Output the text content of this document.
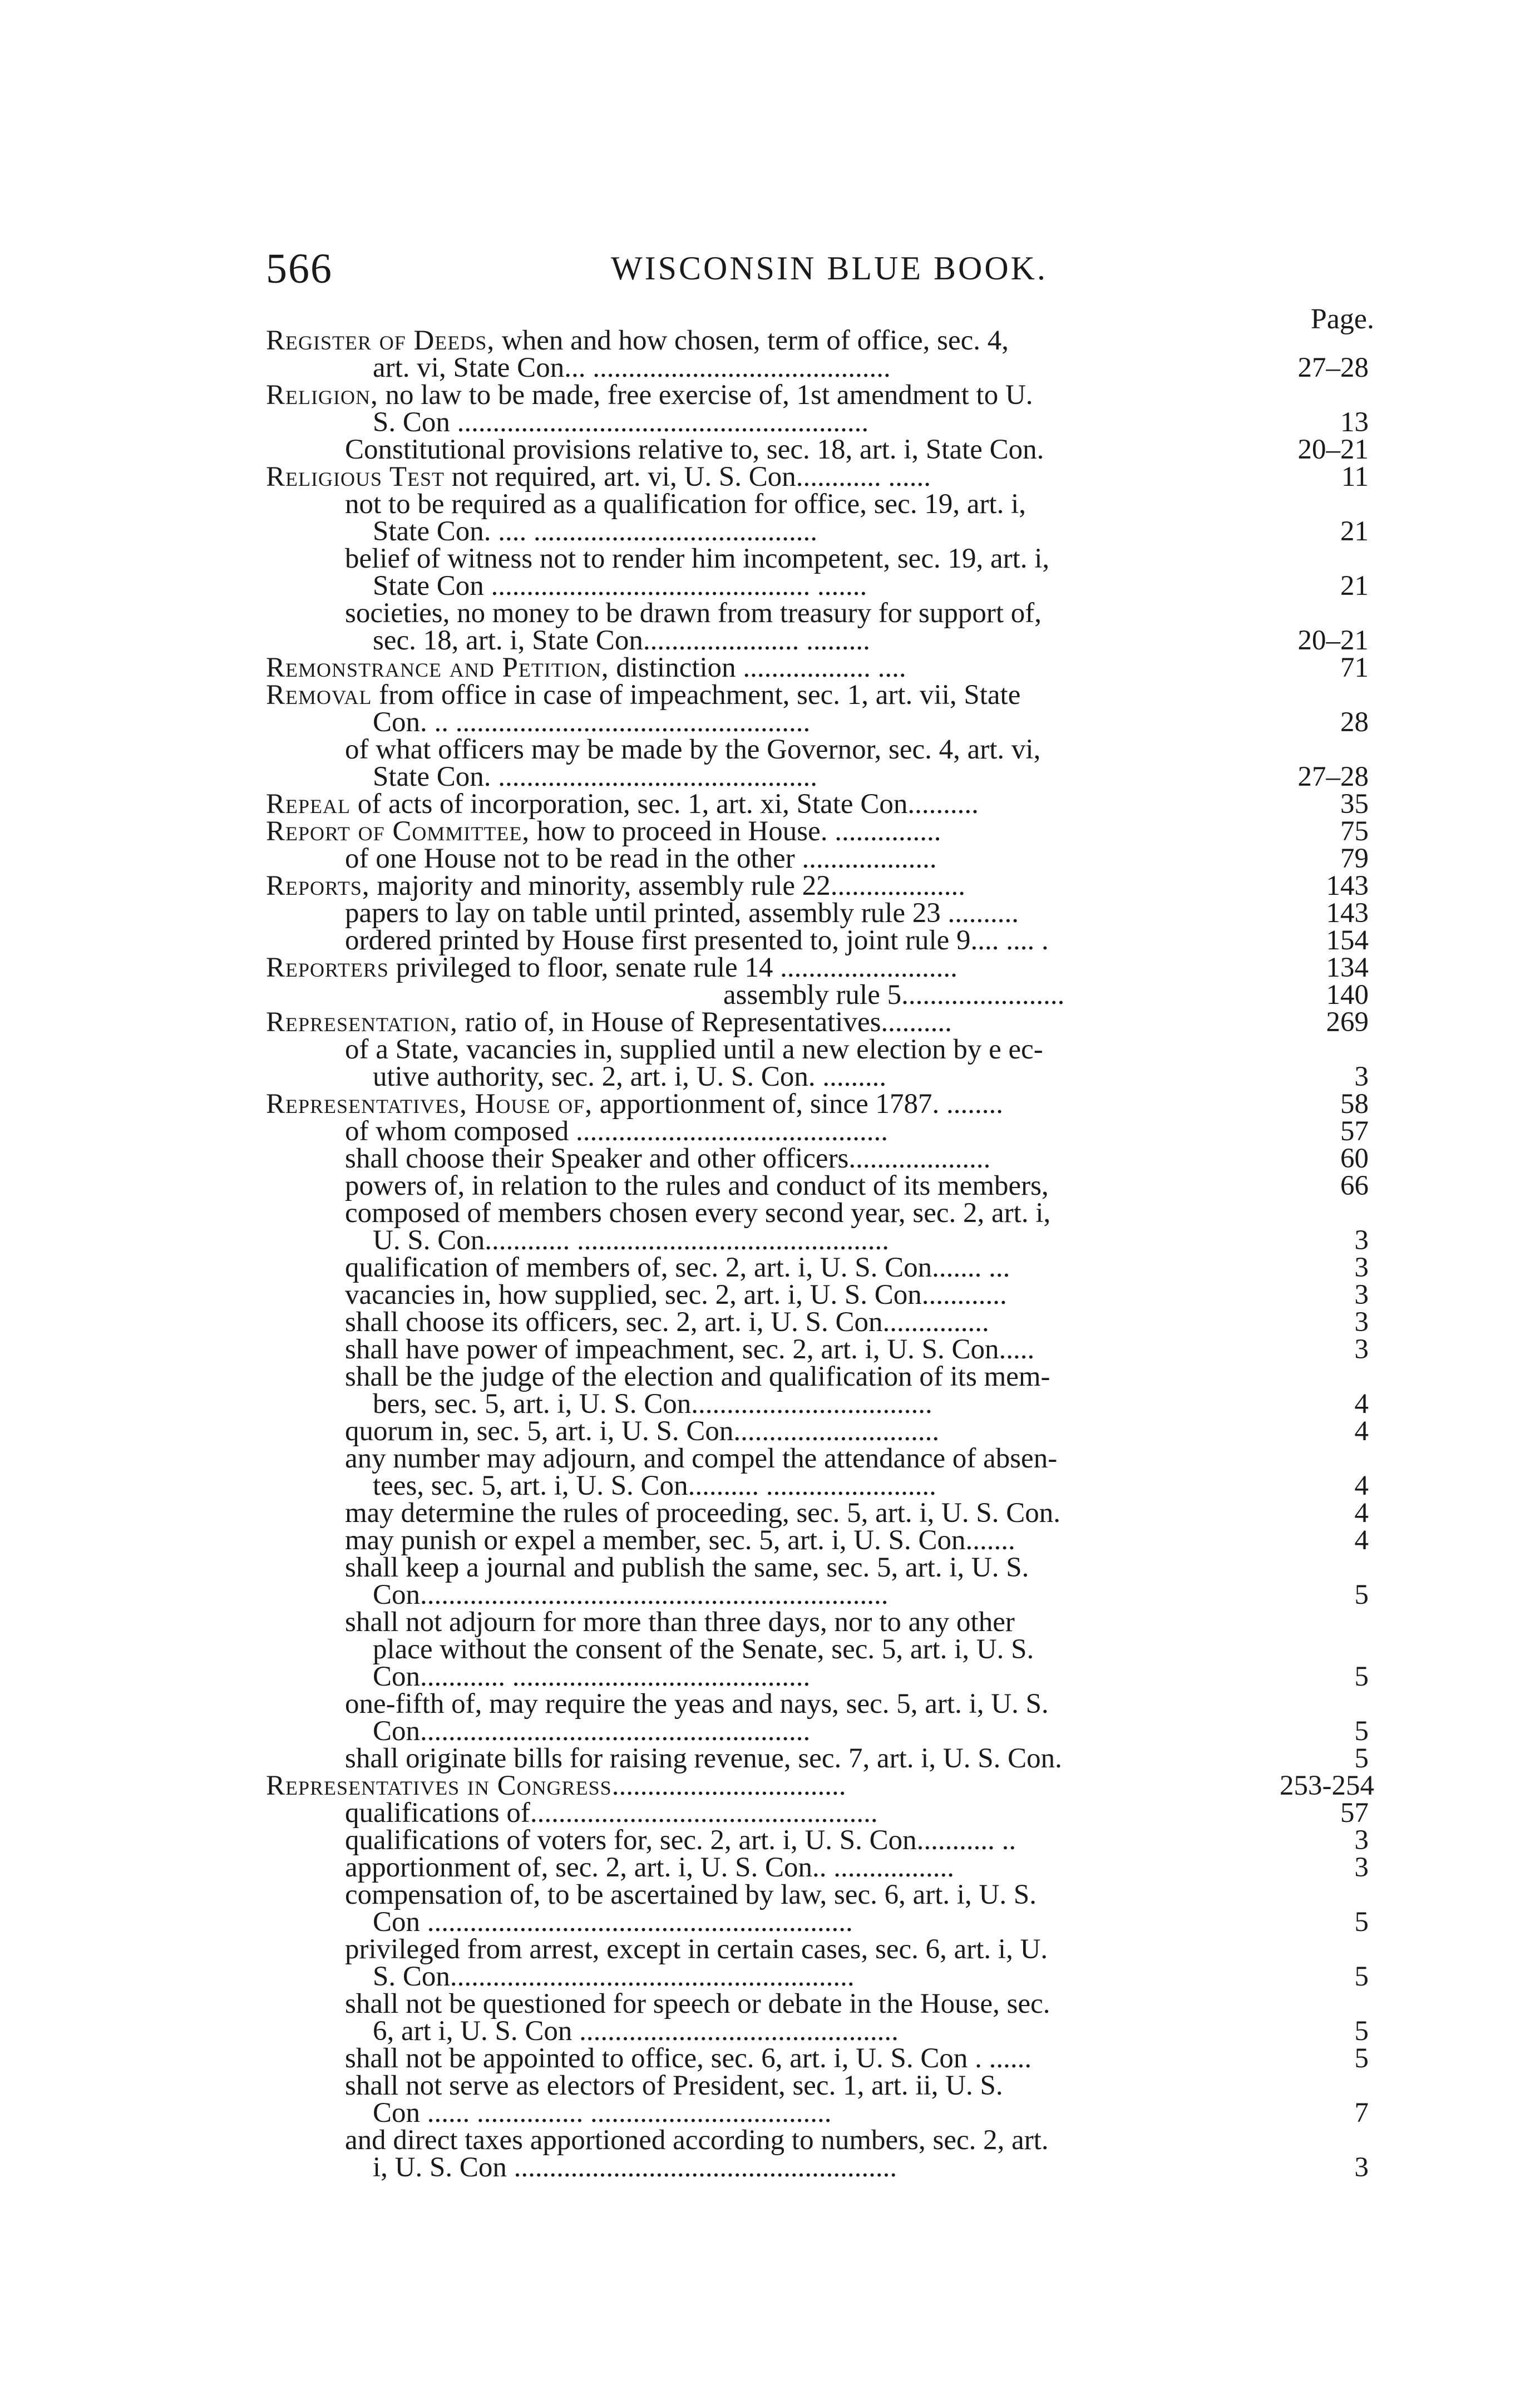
566	WISCONSIN BLUE BOOK.
Page.
Register of Deeds, when and how chosen, term of office, sec. 4,
art. vi, State Con... ..........................................	27–28
Religion, no law to be made, free exercise of, 1st amendment to U.
S. Con ..........................................................	13
Constitutional provisions relative to, sec. 18, art. i, State Con.	20–21
Religious Test not required, art. vi, U. S. Con............ ......	11
not to be required as a qualification for office, sec. 19, art. i,
State Con. .... ........................................	21
belief of witness not to render him incompetent, sec. 19, art. i,
State Con ............................................. .......	21
societies, no money to be drawn from treasury for support of,
sec. 18, art. i, State Con...................... .........	20–21
Remonstrance and Petition, distinction .................. ....	71
Removal from office in case of impeachment, sec. 1, art. vii, State
Con. .. ..................................................	28
of what officers may be made by the Governor, sec. 4, art. vi,
State Con. .............................................	27–28
Repeal of acts of incorporation, sec. 1, art. xi, State Con..........	35
Report of Committee, how to proceed in House. ...............	75
of one House not to be read in the other ...................	79
Reports, majority and minority, assembly rule 22...................	143
papers to lay on table until printed, assembly rule 23 ..........	143
ordered printed by House first presented to, joint rule 9.... .... .	154
Reporters privileged to floor, senate rule 14 .........................	134
assembly rule 5.......................	140
Representation, ratio of, in House of Representatives..........	269
of a State, vacancies in, supplied until a new election by e ec-
utive authority, sec. 2, art. i, U. S. Con. .........	3
Representatives, House of, apportionment of, since 1787. ........	58
of whom composed ............................................	57
shall choose their Speaker and other officers....................	60
powers of, in relation to the rules and conduct of its members,	66
composed of members chosen every second year, sec. 2, art. i,
U. S. Con............ ............................................	3
qualification of members of, sec. 2, art. i, U. S. Con....... ...	3
vacancies in, how supplied, sec. 2, art. i, U. S. Con............	3
shall choose its officers, sec. 2, art. i, U. S. Con...............	3
shall have power of impeachment, sec. 2, art. i, U. S. Con.....	3
shall be the judge of the election and qualification of its mem-
bers, sec. 5, art. i, U. S. Con..................................	4
quorum in, sec. 5, art. i, U. S. Con.............................	4
any number may adjourn, and compel the attendance of absen-
tees, sec. 5, art. i, U. S. Con.......... ........................	4
may determine the rules of proceeding, sec. 5, art. i, U. S. Con.	4
may punish or expel a member, sec. 5, art. i, U. S. Con.......	4
shall keep a journal and publish the same, sec. 5, art. i, U. S.
Con..................................................................	5
shall not adjourn for more than three days, nor to any other
place without the consent of the Senate, sec. 5, art. i, U. S.
Con............ ..........................................	5
one-fifth of, may require the yeas and nays, sec. 5, art. i, U. S.
Con.......................................................	5
shall originate bills for raising revenue, sec. 7, art. i, U. S. Con.	5
Representatives in Congress.................................	253-254
qualifications of.................................................	57
qualifications of voters for, sec. 2, art. i, U. S. Con........... ..	3
apportionment of, sec. 2, art. i, U. S. Con.. .................	3
compensation of, to be ascertained by law, sec. 6, art. i, U. S.
Con ............................................................	5
privileged from arrest, except in certain cases, sec. 6, art. i, U.
S. Con.........................................................	5
shall not be questioned for speech or debate in the House, sec.
6, art i, U. S. Con .............................................	5
shall not be appointed to office, sec. 6, art. i, U. S. Con . ......	5
shall not serve as electors of President, sec. 1, art. ii, U. S.
Con ...... ............... ..................................	7
and direct taxes apportioned according to numbers, sec. 2, art.
i, U. S. Con ......................................................	3
